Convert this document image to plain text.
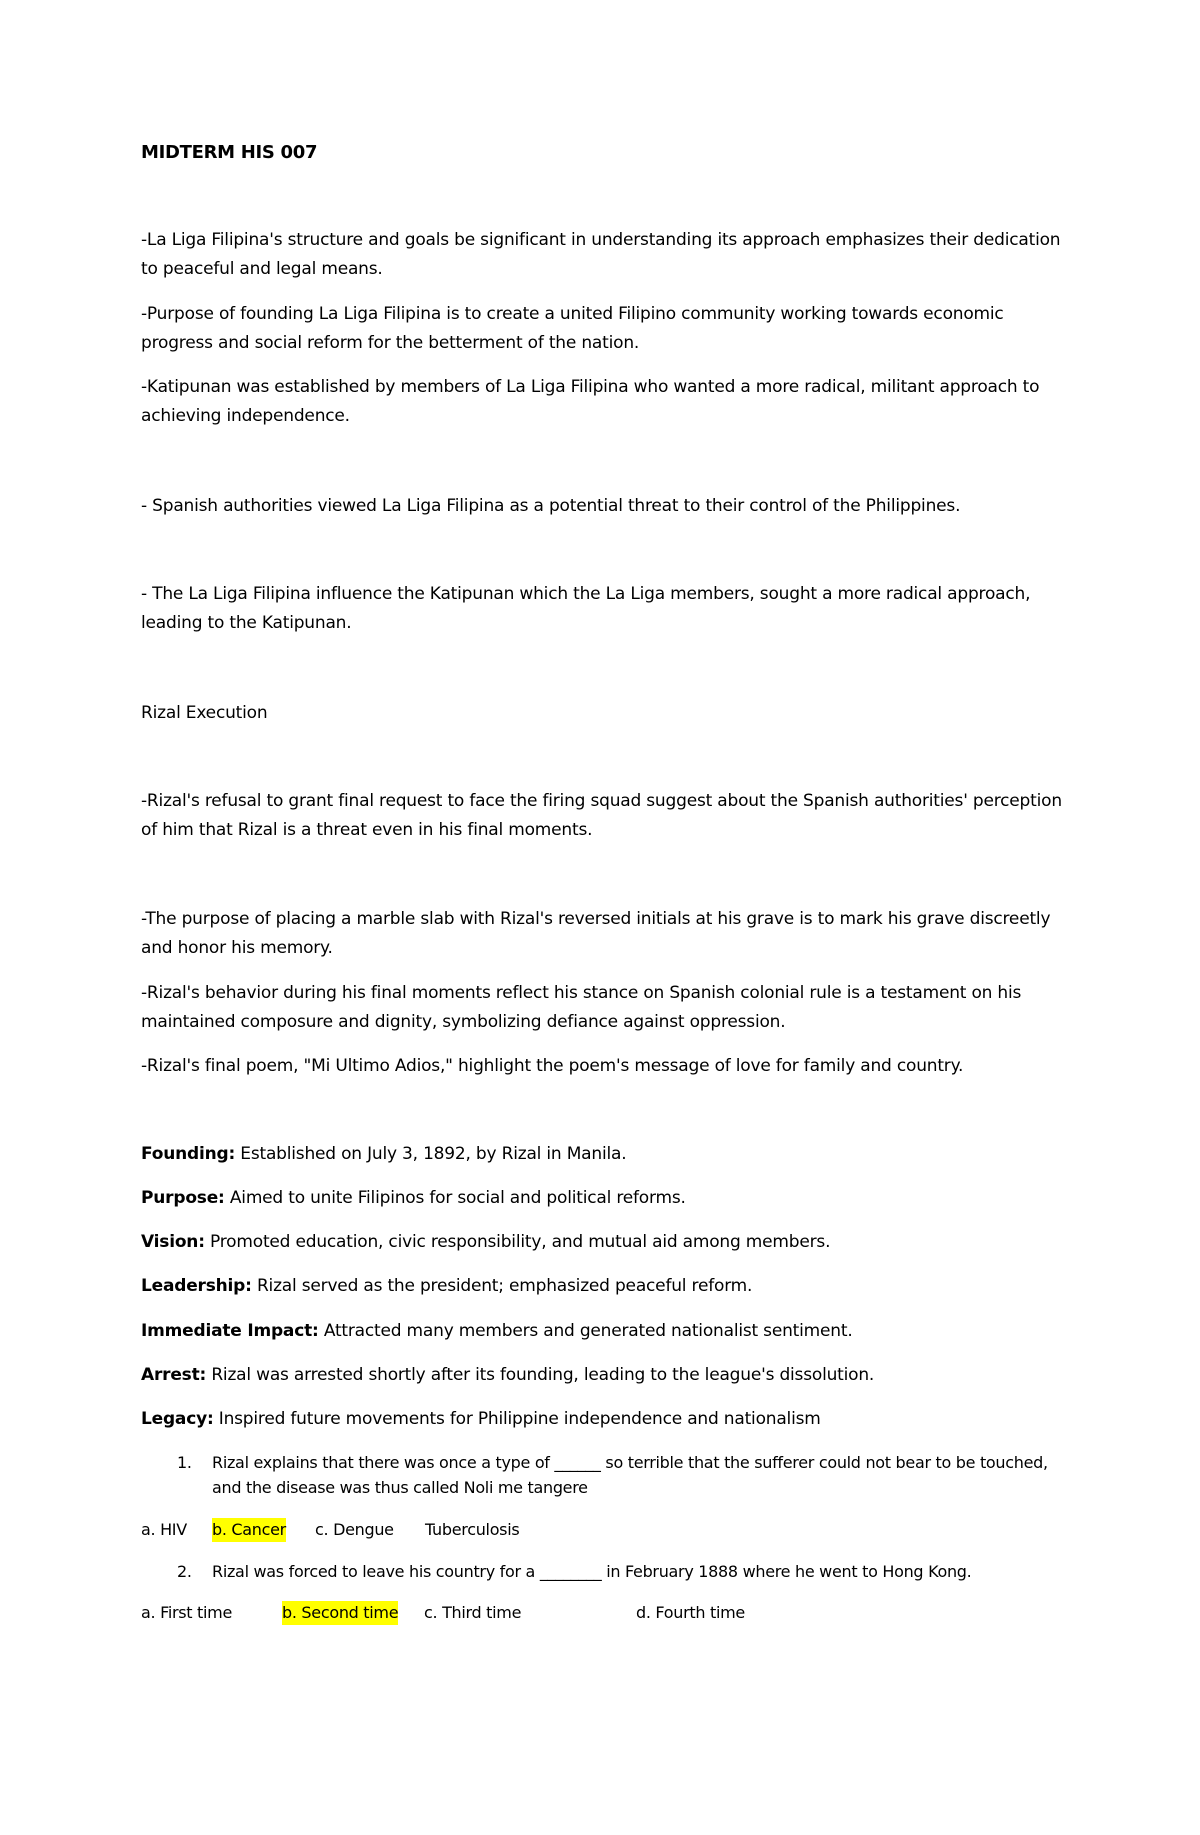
MIDTERM HIS 007
-La Liga Filipina's structure and goals be significant in understanding its approach emphasizes their dedication to peaceful and legal means.
-Purpose of founding La Liga Filipina is to create a united Filipino community working towards economic progress and social reform for the betterment of the nation.
-Katipunan was established by members of La Liga Filipina who wanted a more radical, militant approach to achieving independence.
- Spanish authorities viewed La Liga Filipina as a potential threat to their control of the Philippines.
- The La Liga Filipina influence the Katipunan which the La Liga members, sought a more radical approach, leading to the Katipunan.
Rizal Execution
-Rizal's refusal to grant final request to face the firing squad suggest about the Spanish authorities' perception of him that Rizal is a threat even in his final moments.
-The purpose of placing a marble slab with Rizal's reversed initials at his grave is to mark his grave discreetly and honor his memory.
-Rizal's behavior during his final moments reflect his stance on Spanish colonial rule is a testament on his maintained composure and dignity, symbolizing defiance against oppression.
-Rizal's final poem, "Mi Ultimo Adios," highlight the poem's message of love for family and country.
Founding: Established on July 3, 1892, by Rizal in Manila.
Purpose: Aimed to unite Filipinos for social and political reforms.
Vision: Promoted education, civic responsibility, and mutual aid among members.
Leadership: Rizal served as the president; emphasized peaceful reform.
Immediate Impact: Attracted many members and generated nationalist sentiment.
Arrest: Rizal was arrested shortly after its founding, leading to the league's dissolution.
Legacy: Inspired future movements for Philippine independence and nationalism
1. Rizal explains that there was once a type of ______ so terrible that the sufferer could not bear to be touched, and the disease was thus called Noli me tangere
a. HIV b. Cancer c. Dengue Tuberculosis
2. Rizal was forced to leave his country for a ________ in February 1888 where he went to Hong Kong.
a. First time	b. Second time c. Third time	d. Fourth time
